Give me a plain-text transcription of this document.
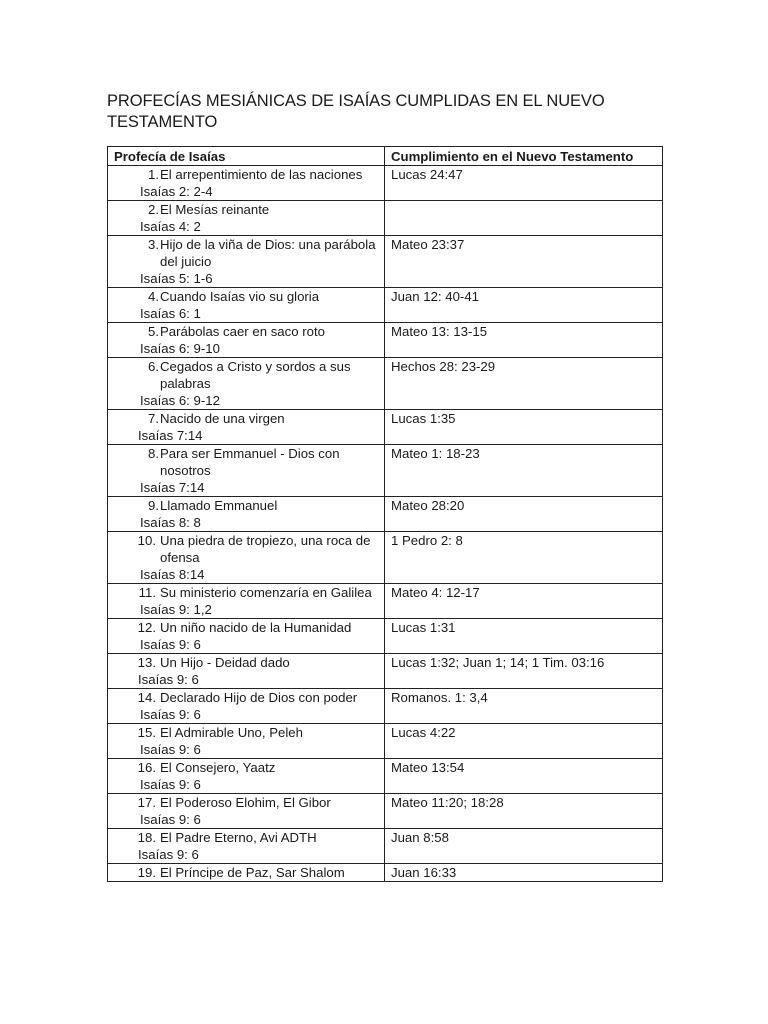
PROFECÍAS MESIÁNICAS DE ISAÍAS CUMPLIDAS EN EL NUEVO TESTAMENTO
Profecía de Isaías	Cumplimiento en el Nuevo Testamento

1. El arrepentimiento de las naciones
Isaías 2: 2-4	Lucas 24:47

2. El Mesías reinante
Isaías 4: 2	

3. Hijo de la viña de Dios: una parábola del juicio
Isaías 5: 1-6	Mateo 23:37

4. Cuando Isaías vio su gloria
Isaías 6: 1	Juan 12: 40-41

5. Parábolas caer en saco roto
Isaías 6: 9-10	Mateo 13: 13-15

6. Cegados a Cristo y sordos a sus palabras
Isaías 6: 9-12	Hechos 28: 23-29

7. Nacido de una virgen
Isaías 7:14	Lucas 1:35

8. Para ser Emmanuel - Dios con nosotros
Isaías 7:14	Mateo 1: 18-23

9. Llamado Emmanuel
Isaías 8: 8	Mateo 28:20

10. Una piedra de tropiezo, una roca de ofensa
Isaías 8:14	1 Pedro 2: 8

11. Su ministerio comenzaría en Galilea
Isaías 9: 1,2	Mateo 4: 12-17

12. Un niño nacido de la Humanidad
Isaías 9: 6	Lucas 1:31

13. Un Hijo - Deidad dado
Isaías 9: 6	Lucas 1:32; Juan 1; 14; 1 Tim. 03:16

14. Declarado Hijo de Dios con poder
Isaías 9: 6	Romanos. 1: 3,4

15. El Admirable Uno, Peleh
Isaías 9: 6	Lucas 4:22

16. El Consejero, Yaatz
Isaías 9: 6	Mateo 13:54

17. El Poderoso Elohim, El Gibor
Isaías 9: 6	Mateo 11:20; 18:28

18. El Padre Eterno, Avi ADTH
Isaías 9: 6	Juan 8:58

19. El Príncipe de Paz, Sar Shalom	Juan 16:33
